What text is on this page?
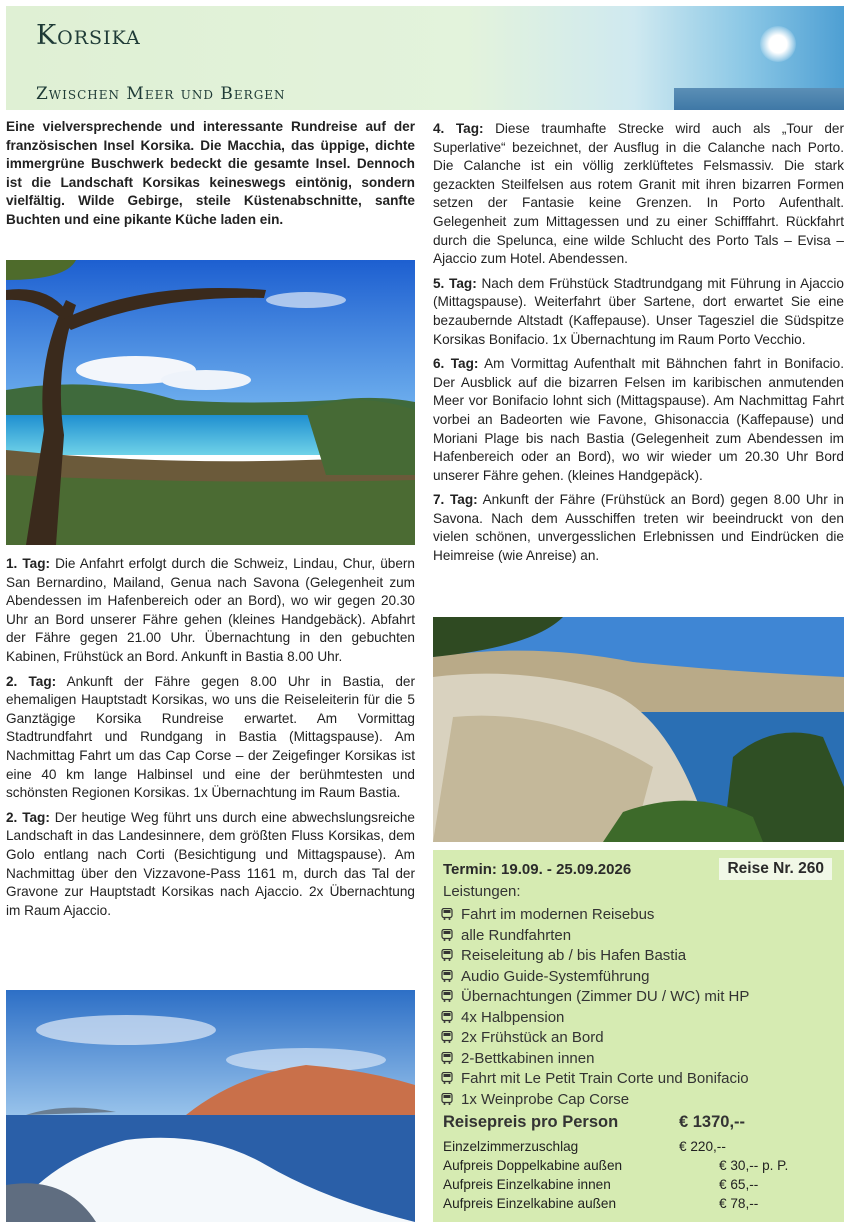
Korsika
Zwischen Meer und Bergen

Eine vielversprechende und interessante Rundreise auf der französischen Insel Korsika. Die Macchia, das üppige, dichte immergrüne Buschwerk bedeckt die gesamte Insel. Dennoch ist die Landschaft Korsikas keineswegs eintönig, sondern vielfältig. Wilde Gebirge, steile Küstenabschnitte, sanfte Buchten und eine pikante Küche laden ein.

1. Tag: Die Anfahrt erfolgt durch die Schweiz, Lindau, Chur, übern San Bernardino, Mailand, Genua nach Savona (Gelegenheit zum Abendessen im Hafenbereich oder an Bord), wo wir gegen 20.30 Uhr an Bord unserer Fähre gehen (kleines Handgebäck). Abfahrt der Fähre gegen 21.00 Uhr. Übernachtung in den gebuchten Kabinen, Frühstück an Bord. Ankunft in Bastia 8.00 Uhr.

2. Tag: Ankunft der Fähre gegen 8.00 Uhr in Bastia, der ehemaligen Hauptstadt Korsikas, wo uns die Reiseleiterin für die 5 Ganztägige Korsika Rundreise erwartet. Am Vormittag Stadtrundfahrt und Rundgang in Bastia (Mittagspause). Am Nachmittag Fahrt um das Cap Corse – der Zeigefinger Korsikas ist eine 40 km lange Halbinsel und eine der berühmtesten und schönsten Regionen Korsikas. 1x Übernachtung im Raum Bastia.

2. Tag: Der heutige Weg führt uns durch eine abwechslungsreiche Landschaft in das Landesinnere, dem größten Fluss Korsikas, dem Golo entlang nach Corti (Besichtigung und Mittagspause). Am Nachmittag über den Vizzavone-Pass 1161 m, durch das Tal der Gravone zur Hauptstadt Korsikas nach Ajaccio. 2x Übernachtung im Raum Ajaccio.

4. Tag: Diese traumhafte Strecke wird auch als „Tour der Superlative“ bezeichnet, der Ausflug in die Calanche nach Porto. Die Calanche ist ein völlig zerklüftetes Felsmassiv. Die stark gezackten Steilfelsen aus rotem Granit mit ihren bizarren Formen setzen der Fantasie keine Grenzen. In Porto Aufenthalt. Gelegenheit zum Mittagessen und zu einer Schifffahrt. Rückfahrt durch die Spelunca, eine wilde Schlucht des Porto Tals – Evisa – Ajaccio zum Hotel. Abendessen.

5. Tag: Nach dem Frühstück Stadtrundgang mit Führung in Ajaccio (Mittagspause). Weiterfahrt über Sartene, dort erwartet Sie eine bezaubernde Altstadt (Kaffepause). Unser Tagesziel die Südspitze Korsikas Bonifacio. 1x Übernachtung im Raum Porto Vecchio.

6. Tag: Am Vormittag Aufenthalt mit Bähnchen fahrt in Bonifacio. Der Ausblick auf die bizarren Felsen im karibischen anmutenden Meer vor Bonifacio lohnt sich (Mittagspause). Am Nachmittag Fahrt vorbei an Badeorten wie Favone, Ghisonaccia (Kaffepause) und Moriani Plage bis nach Bastia (Gelegenheit zum Abendessen im Hafenbereich oder an Bord), wo wir wieder um 20.30 Uhr Bord unserer Fähre gehen. (kleines Handgepäck).

7. Tag: Ankunft der Fähre (Frühstück an Bord) gegen 8.00 Uhr in Savona. Nach dem Ausschiffen treten wir beeindruckt von den vielen schönen, unvergesslichen Erlebnissen und Eindrücken die Heimreise (wie Anreise) an.

Termin: 19.09. - 25.09.2026	Reise Nr. 260
Leistungen:
Fahrt im modernen Reisebus
alle Rundfahrten
Reiseleitung ab / bis Hafen Bastia
Audio Guide-Systemführung
Übernachtungen (Zimmer DU / WC) mit HP
4x Halbpension
2x Frühstück an Bord
2-Bettkabinen innen
Fahrt mit Le Petit Train Corte und Bonifacio
1x Weinprobe Cap Corse
Reisepreis pro Person	€ 1370,--
Einzelzimmerzuschlag	€ 220,--
Aufpreis Doppelkabine außen	€ 30,-- p. P.
Aufpreis Einzelkabine innen	€ 65,--
Aufpreis Einzelkabine außen	€ 78,--
